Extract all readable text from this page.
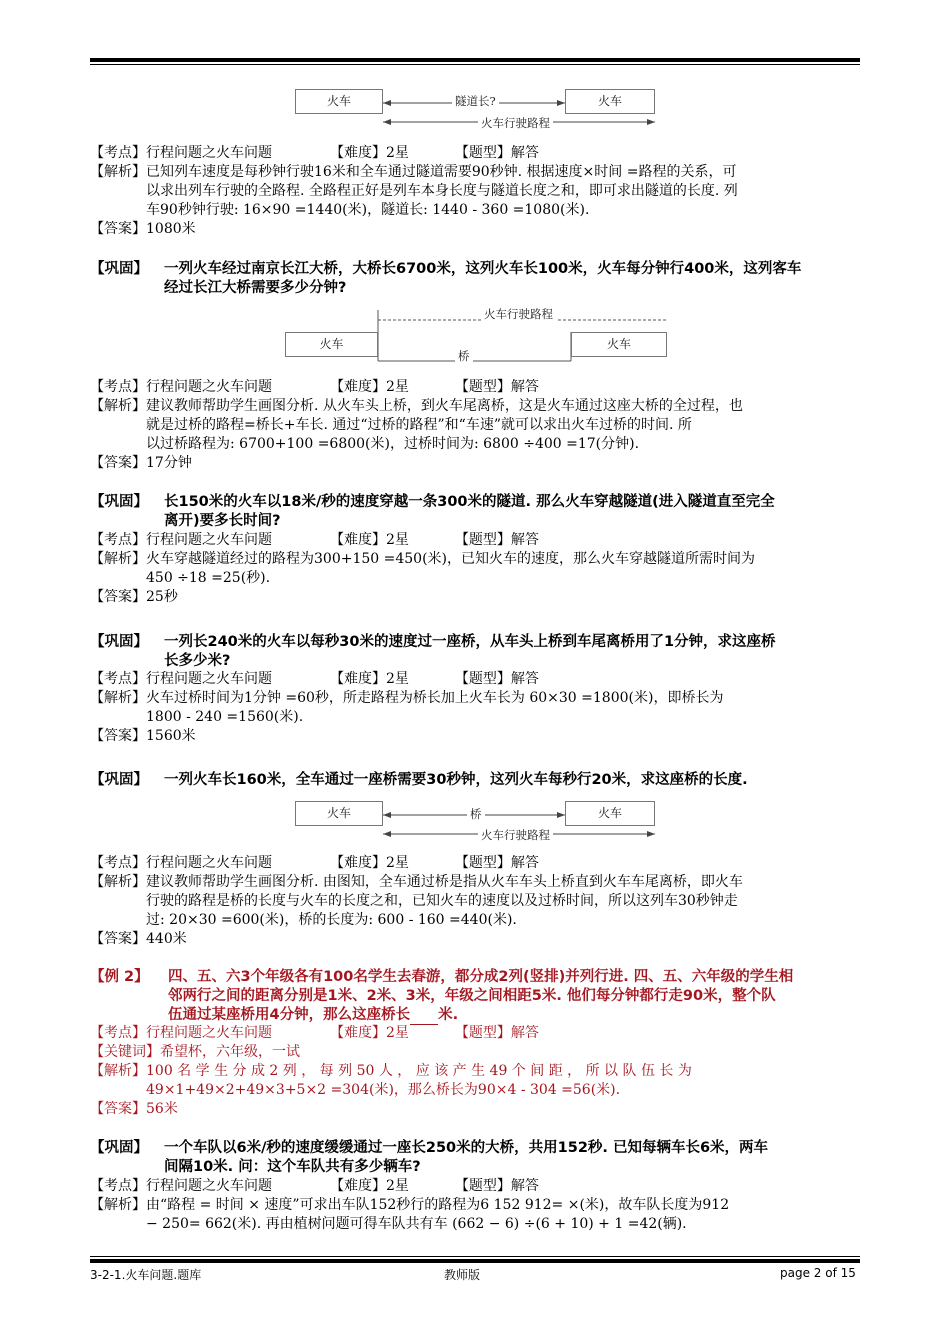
火车	火车
隧道长?
火车行驶路程
【考点】 行程问题之火车问题	【难度】 2星	【题型】 解答
【解析】 已知列车速度是每秒钟行驶16米和全车通过隧道需要90秒钟. 根据速度×时间 =路程的关系，可
以求出列车行驶的全路程. 全路程正好是列车本身长度与隧道长度之和，即可求出隧道的长度. 列
车90秒钟行驶: 16×90 =1440(米)，隧道长: 1440 - 360 =1080(米).
【答案】 1080米
【巩固】	一列火车经过南京长江大桥，大桥长6700米，这列火车长100米，火车每分钟行400米，这列客车
经过长江大桥需要多少分钟?
火车行驶路程
火车	火车
桥
【考点】 行程问题之火车问题	【难度】 2星	【题型】 解答
【解析】 建议教师帮助学生画图分析. 从火车头上桥，到火车尾离桥，这是火车通过这座大桥的全过程，也
就是过桥的路程=桥长+车长. 通过“过桥的路程”和“车速”就可以求出火车过桥的时间. 所
以过桥路程为: 6700+100 =6800(米)，过桥时间为: 6800 ÷400 =17(分钟).
【答案】 17分钟
【巩固】	长150米的火车以18米/秒的速度穿越一条300米的隧道. 那么火车穿越隧道(进入隧道直至完全
离开)要多长时间?
【考点】 行程问题之火车问题	【难度】 2星	【题型】 解答
【解析】 火车穿越隧道经过的路程为300+150 =450(米)，已知火车的速度，那么火车穿越隧道所需时间为
450 ÷18 =25(秒).
【答案】 25秒
【巩固】	一列长240米的火车以每秒30米的速度过一座桥，从车头上桥到车尾离桥用了1分钟，求这座桥
长多少米?
【考点】 行程问题之火车问题	【难度】 2星	【题型】 解答
【解析】 火车过桥时间为1分钟 =60秒，所走路程为桥长加上火车长为 60×30 =1800(米)，即桥长为
1800 - 240 =1560(米).
【答案】 1560米
【巩固】	一列火车长160米，全车通过一座桥需要30秒钟，这列火车每秒行20米，求这座桥的长度.
火车	火车
桥
火车行驶路程
【考点】 行程问题之火车问题	【难度】 2星	【题型】 解答
【解析】 建议教师帮助学生画图分析. 由图知，全车通过桥是指从火车车头上桥直到火车车尾离桥，即火车
行驶的路程是桥的长度与火车的长度之和，已知火车的速度以及过桥时间，所以这列车30秒钟走
过: 20×30 =600(米)，桥的长度为: 600 - 160 =440(米).
【答案】 440米
【例 2】	四、五、六3个年级各有100名学生去春游，都分成2列(竖排)并列行进. 四、五、六年级的学生相
邻两行之间的距离分别是1米、2米、3米，年级之间相距5米. 他们每分钟都行走90米，整个队
伍通过某座桥用4分钟，那么这座桥长 米.
【考点】 行程问题之火车问题	【难度】 2星	【题型】 解答
【关键词】 希望杯，六年级，一试
【解析】 100 名 学 生 分 成 2 列 ， 每 列 50 人 ， 应 该 产 生 49 个 间 距 ， 所 以 队 伍 长 为
49×1+49×2+49×3+5×2 =304(米)，那么桥长为90×4 - 304 =56(米).
【答案】 56米
【巩固】	一个车队以6米/秒的速度缓缓通过一座长250米的大桥，共用152秒. 已知每辆车长6米，两车
间隔10米. 问：这个车队共有多少辆车?
【考点】 行程问题之火车问题	【难度】 2星	【题型】 解答
【解析】 由“路程 = 时间 × 速度”可求出车队152秒行的路程为6 152 912= ×(米)，故车队长度为912
− 250= 662(米). 再由植树问题可得车队共有车 (662 − 6) ÷(6 + 10) + 1 =42(辆).
3-2-1.火车问题.题库	教师版	page 2 of 15
